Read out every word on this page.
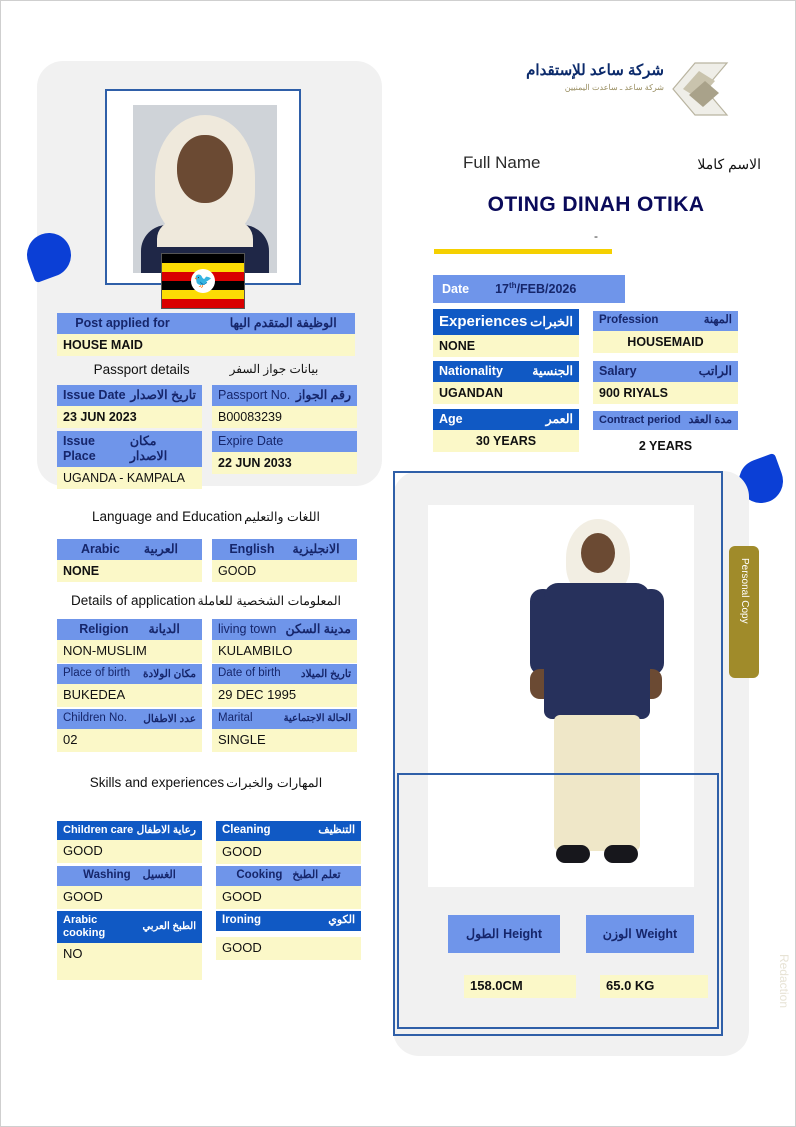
🐦
شركة ساعد للإستقدام
شركة ساعد ـ ساعدت اليمنيين
Full Name	الاسم كاملا
OTING DINAH OTIKA
-
Date 17th/FEB/2026
Experiences الخبرات
NONE
Nationality الجنسية
UGANDAN
Age	العمر
30 YEARS
Profession	المهنة
HOUSEMAID
Salary	الراتب
900 RIYALS
Contract period مدة العقد
2 YEARS
Post applied for	الوظيفة المتقدم اليها
HOUSE MAID
Passport details	بيانات جواز السفر
Issue Date تاريخ الاصدار
23 JUN 2023
Passport No. رقم الجواز
B00083239
Issue Place
مكان الاصدار
UGANDA - KAMPALA
Expire Date
22 JUN 2033
Language and Education اللغات والتعليم
Arabic العربية
NONE
English الانجليزية
GOOD
Details of application المعلومات الشخصية للعاملة
Religion الديانة
NON-MUSLIM
living town مدينة السكن
KULAMBILO
Place of birth مكان الولادة
BUKEDEA
Date of birth تاريخ الميلاد
29 DEC 1995
Children No. عدد الاطفال
02
Marital	الحالة الاجتماعية
SINGLE
Skills and experiences المهارات والخبرات
Children care رعاية الاطفال
GOOD
Cleaning	التنظيف
GOOD
Washing الغسيل
GOOD
Cooking تعلم الطبخ
GOOD
Arabic cooking
الطبخ العربي
NO
Ironing	الكوي
GOOD
Personal Copy
الطول Height
158.0CM
الوزن Weight
65.0 KG	Redaction
